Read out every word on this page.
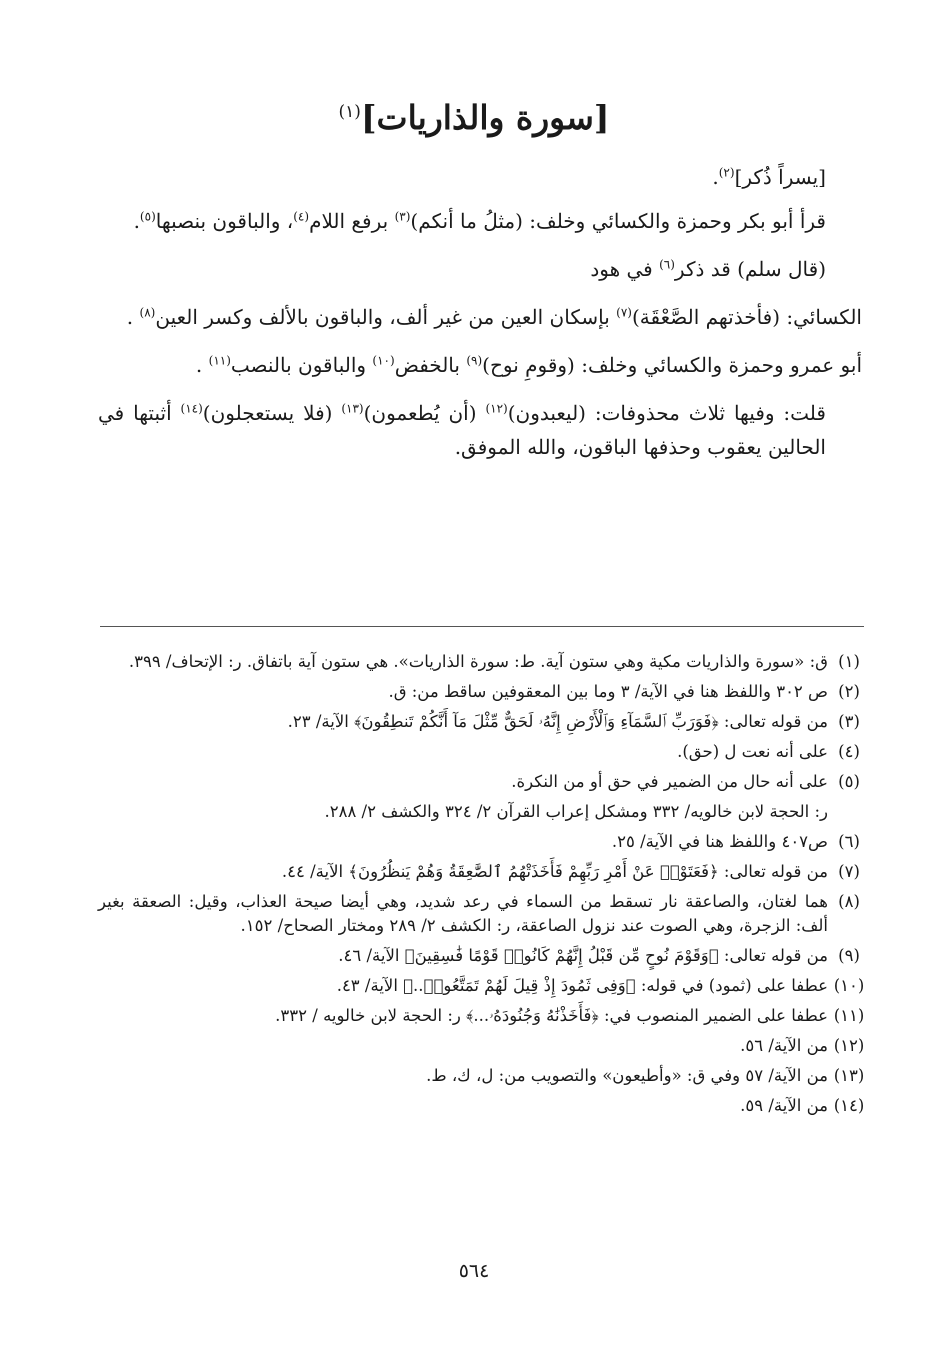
[سورة والذاريات]$^{(١)}$

[يسراً ذُكر]$^{(٢)}$.

قرأ أبو بكر وحمزة والكسائي وخلف: (مثلُ ما أنكم)$^{(٣)}$ برفع اللام$^{(٤)}$، والباقون بنصبها$^{(٥)}$.

(قال سلم) قد ذكر$^{(٦)}$ في هود

الكسائي: (فأخذتهم الصَّعْقَة)$^{(٧)}$ بإسكان العين من غير ألف، والباقون بالألف وكسر العين$^{(٨)}$ .

أبو عمرو وحمزة والكسائي وخلف: (وقومِ نوح)$^{(٩)}$ بالخفض$^{(١٠)}$ والباقون بالنصب$^{(١١)}$ .

قلت: وفيها ثلاث محذوفات: (ليعبدون)$^{(١٢)}$ (أن يُطعمون)$^{(١٣)}$ (فلا يستعجلون)$^{(١٤)}$ أثبتها في الحالين يعقوب وحذفها الباقون، والله الموفق.

(١)
ق: «سورة والذاريات مكية وهي ستون آية. ط: سورة الذاريات». هي ستون آية باتفاق. ر: الإتحاف/ ٣٩٩.
(٢)
ص ٣٠٢ واللفظ هنا في الآية/ ٣ وما بين المعقوفين ساقط من: ق.
(٣)
من قوله تعالى: ﴿فَوَرَبِّ ٱلسَّمَآءِ وَٱلْأَرْضِ إِنَّهُۥ لَحَقٌّ مِّثْلَ مَآ أَنَّكُمْ تَنطِقُونَ﴾ الآية/ ٢٣.
(٤)
على أنه نعت ل (حق).
(٥)
على أنه حال من الضمير في حق أو من النكرة.
ر: الحجة لابن خالويه/ ٣٣٢ ومشكل إعراب القرآن ٢/ ٣٢٤ والكشف ٢/ ٢٨٨.
(٦)
ص٤٠٧ واللفظ هنا في الآية/ ٢٥.
(٧)
من قوله تعالى: ﴿فَعَتَوْا۟ عَنْ أَمْرِ رَبِّهِمْ فَأَخَذَتْهُمُ ٱلصَّٰعِقَةُ وَهُمْ يَنظُرُونَ﴾ الآية/ ٤٤.
(٨)
هما لغتان، والصاعقة نار تسقط من السماء في رعد شديد، وهي أيضا صيحة العذاب، وقيل: الصعقة بغير ألف: الزجرة، وهي الصوت عند نزول الصاعقة، ر: الكشف ٢/ ٢٨٩ ومختار الصحاح/ ١٥٢.
(٩)
من قوله تعالى: ﴿وَقَوْمَ نُوحٍ مِّن قَبْلُ إِنَّهُمْ كَانُوا۟ قَوْمًا فَٰسِقِينَ﴾ الآية/ ٤٦.
(١٠)
عطفا على (ثمود) في قوله: ﴿وَفِى ثَمُودَ إِذْ قِيلَ لَهُمْ تَمَتَّعُوا۟..﴾ الآية/ ٤٣.
(١١)
عطفا على الضمير المنصوب في: ﴿فَأَخَذْنَٰهُ وَجُنُودَهُۥ...﴾ ر: الحجة لابن خالويه / ٣٣٢.
(١٢)
من الآية/ ٥٦.
(١٣)
من الآية/ ٥٧ وفي ق: «وأطيعون» والتصويب من: ل، ك، ط.
(١٤)
من الآية/ ٥٩.
٥٦٤
